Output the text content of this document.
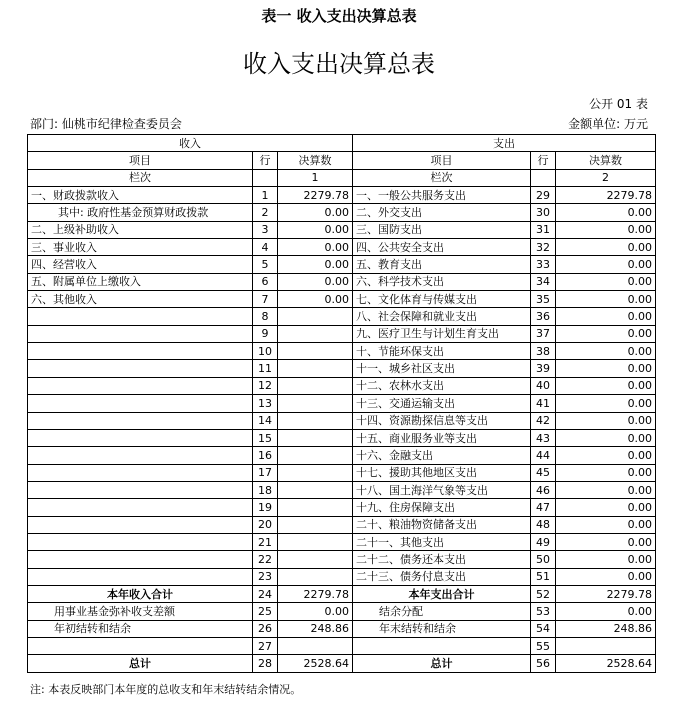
表一 收入支出决算总表
收入支出决算总表
公开 01 表
部门: 仙桃市纪律检查委员会	金额单位: 万元
收入			支出		
项目	行	决算数	项目	行	决算数
栏次		1	栏次		2
一、财政拨款收入	1	2279.78	一、一般公共服务支出	29	2279.78
其中: 政府性基金预算财政拨款	2	0.00	二、外交支出	30	0.00
二、上级补助收入	3	0.00	三、国防支出	31	0.00
三、事业收入	4	0.00	四、公共安全支出	32	0.00
四、经营收入	5	0.00	五、教育支出	33	0.00
五、附属单位上缴收入	6	0.00	六、科学技术支出	34	0.00
六、其他收入	7	0.00	七、文化体育与传媒支出	35	0.00
	8		八、社会保障和就业支出	36	0.00
	9		九、医疗卫生与计划生育支出	37	0.00
	10		十、节能环保支出	38	0.00
	11		十一、城乡社区支出	39	0.00
	12		十二、农林水支出	40	0.00
	13		十三、交通运输支出	41	0.00
	14		十四、资源勘探信息等支出	42	0.00
	15		十五、商业服务业等支出	43	0.00
	16		十六、金融支出	44	0.00
	17		十七、援助其他地区支出	45	0.00
	18		十八、国土海洋气象等支出	46	0.00
	19		十九、住房保障支出	47	0.00
	20		二十、粮油物资储备支出	48	0.00
	21		二十一、其他支出	49	0.00
	22		二十二、债务还本支出	50	0.00
	23		二十三、债务付息支出	51	0.00
本年收入合计	24	2279.78	本年支出合计	52	2279.78
用事业基金弥补收支差额	25	0.00	结余分配	53	0.00
年初结转和结余	26	248.86	年末结转和结余	54	248.86
	27			55	
总计	28	2528.64	总计	56	2528.64
注: 本表反映部门本年度的总收支和年末结转结余情况。
